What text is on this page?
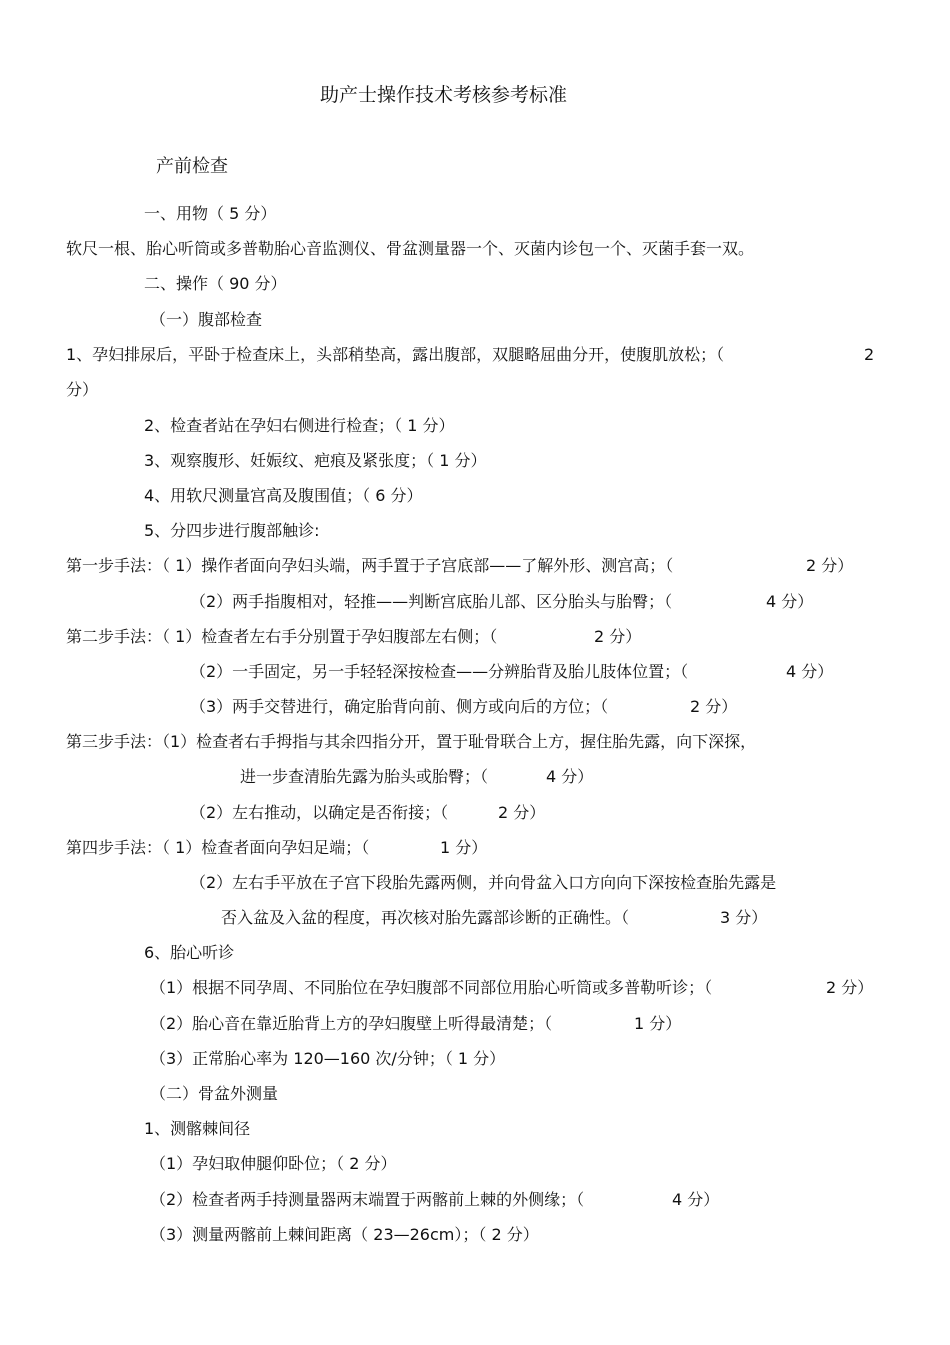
助产士操作技术考核参考标准

产前检查

一、用物（ 5 分）

软尺一根、胎心听筒或多普勒胎心音监测仪、骨盆测量器一个、灭菌内诊包一个、灭菌手套一双。

二、操作（ 90 分）

（一）腹部检查

1、孕妇排尿后，平卧于检查床上，头部稍垫高，露出腹部，双腿略屈曲分开，使腹肌放松；（	2

分）

2、检查者站在孕妇右侧进行检查；（ 1 分）

3、观察腹形、妊娠纹、疤痕及紧张度；（ 1 分）

4、用软尺测量宫高及腹围值；（ 6 分）

5、分四步进行腹部触诊:

第一步手法：（ 1）操作者面向孕妇头端，两手置于子宫底部——了解外形、测宫高；（	2 分）

（2）两手指腹相对，轻推——判断宫底胎儿部、区分胎头与胎臀；（	4 分）

第二步手法：（ 1）检查者左右手分别置于孕妇腹部左右侧；（	2 分）

（2）一手固定，另一手轻轻深按检查——分辨胎背及胎儿肢体位置；（	4 分）

（3）两手交替进行，确定胎背向前、侧方或向后的方位；（	2 分）

第三步手法：（1）检查者右手拇指与其余四指分开，置于耻骨联合上方，握住胎先露，向下深探，

进一步查清胎先露为胎头或胎臀；（	4 分）

（2）左右推动，以确定是否衔接；（	2 分）

第四步手法：（ 1）检查者面向孕妇足端；（	1 分）

（2）左右手平放在子宫下段胎先露两侧，并向骨盆入口方向向下深按检查胎先露是

否入盆及入盆的程度，再次核对胎先露部诊断的正确性。（	3 分）

6、胎心听诊

（1）根据不同孕周、不同胎位在孕妇腹部不同部位用胎心听筒或多普勒听诊；（	2 分）

（2）胎心音在靠近胎背上方的孕妇腹壁上听得最清楚；（	1 分）

（3）正常胎心率为 120—160 次/分钟；（ 1 分）

（二）骨盆外测量

1、测髂棘间径

（1）孕妇取伸腿仰卧位；（ 2 分）

（2）检查者两手持测量器两末端置于两髂前上棘的外侧缘；（	4 分）

（3）测量两髂前上棘间距离（ 23—26cm）；（ 2 分）
